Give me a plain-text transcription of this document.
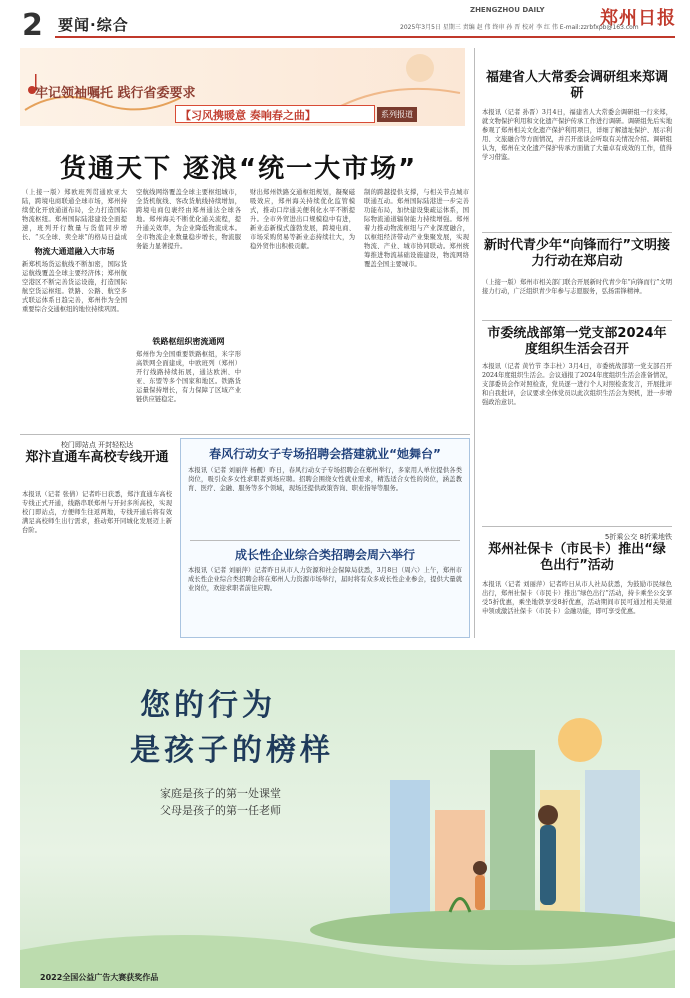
2	要闻·综合
ZHENGZHOU DAILY	郑州日报
2025年3月5日 星期三 责编 赵 伟 终审 孙 晋 校对 李 红 伟 E-mail:zzrbfxpb@163.com
牢记领袖嘱托 践行省委要求
【习风携暖意 奏响春之曲】	系列报道
货通天下 逐浪“统一大市场”
（上接一版）郑欧班列贯通欧亚大陆，跨境电商联通全球市场，郑州持续优化开放通道布局，全力打造国际物流枢纽。郑州国际陆港建设全面提速，班列开行数量与货值同步增长，“买全球、卖全球”的格局日益成
物流大通道融入大市场
新郑机场货运航线不断加密，国际货运航线覆盖全球主要经济体；郑州航空港区不断完善货运设施，打造国际航空货运枢纽。铁路、公路、航空多式联运体系日趋完善，郑州作为全国重要综合交通枢纽的地位持续巩固。
空航线网络覆盖全球主要枢纽城市，全货机航线、客改货航线持续增加，跨境电商包裹经由郑州通达全球各地。郑州海关不断优化通关流程，提升通关效率，为企业降低物流成本。全市物流企业数量稳步增长，物流服务能力显著提升。
铁路枢纽织密流通网
郑州作为全国重要铁路枢纽，米字形高铁网全面建成，中欧班列（郑州）开行线路持续拓展，通达欧洲、中亚、东盟等多个国家和地区。铁路货运量保持增长，有力保障了区域产业链供应链稳定。
财出郑州铁路交通枢纽规划，凝聚磁吸效应，郑州海关持续优化监管模式，推动口岸通关便利化水平不断提升。全市外贸进出口规模稳中有进，新业态新模式蓬勃发展，跨境电商、市场采购贸易等新业态持续壮大，为稳外贸作出积极贡献。
制的跨越提供支撑，与相关节点城市联通互动。郑州国际陆港进一步完善功能布局，加快建设集疏运体系，国际物流通道辐射能力持续增强。郑州着力推动物流枢纽与产业深度融合，以枢纽经济带动产业集聚发展，实现物流、产业、城市协同联动。郑州统筹推进物流基础设施建设，物流网络覆盖全国主要城市。
福建省人大常委会调研组来郑调研
本报讯（记者 孙晋）3月4日，福建省人大常委会调研组一行来郑，就文物保护利用和文化遗产保护传承工作进行调研。调研组先后实地参观了郑州相关文化遗产保护利用项目，详细了解遗址保护、展示利用、文旅融合等方面情况，并召开座谈会听取有关情况介绍。调研组认为，郑州在文化遗产保护传承方面做了大量卓有成效的工作，值得学习借鉴。
新时代青少年“向锋而行”文明接力行动在郑启动
（上接一版）郑州市相关部门联合开展新时代青少年“向锋而行”文明接力行动，广泛组织青少年参与志愿服务，弘扬雷锋精神。
市委统战部第一党支部2024年度组织生活会召开
本报讯（记者 黄竹节 李丰杜）3月4日，市委统战部第一党支部召开2024年度组织生活会。会议通报了2024年度组织生活会准备情况，支部委员会作对照检查，党员逐一进行个人对照检查发言，开展批评和自我批评，会议要求全体党员以此次组织生活会为契机，进一步增强政治意识。
5折乘公交 8折乘地铁
郑州社保卡（市民卡）推出“绿色出行”活动
本报讯（记者 刘丽萍）记者昨日从市人社局获悉，为鼓励市民绿色出行，郑州社保卡（市民卡）推出“绿色出行”活动，持卡乘坐公交享受5折优惠，乘坐地铁享受8折优惠，活动期间市民可通过相关渠道申领或激活社保卡（市民卡）金融功能，即可享受优惠。
校门即站点 开封轻松达
郑汴直通车高校专线开通
本报讯（记者 张倩）记者昨日获悉，郑汴直通车高校专线正式开通，线路串联郑州与开封多所高校，实现校门即站点，方便师生往返两地，专线开通后将有效满足高校师生出行需求，推动郑开同城化发展迈上新台阶。
春风行动女子专场招聘会搭建就业“她舞台”
本报讯（记者 刘丽萍 杨靓）昨日，春风行动女子专场招聘会在郑州举行，多家用人单位提供各类岗位，吸引众多女性求职者到场应聘。招聘会围绕女性就业需求，精选适合女性的岗位，涵盖教育、医疗、金融、服务等多个领域，现场还提供政策咨询、职业指导等服务。
成长性企业综合类招聘会周六举行
本报讯（记者 刘丽萍）记者昨日从市人力资源和社会保障局获悉，3月8日（周六）上午，郑州市成长性企业综合类招聘会将在郑州人力资源市场举行，届时将有众多成长性企业参会，提供大量就业岗位，欢迎求职者前往应聘。
您的行为
是孩子的榜样
家庭是孩子的第一处课堂
父母是孩子的第一任老师
2022全国公益广告大赛获奖作品
